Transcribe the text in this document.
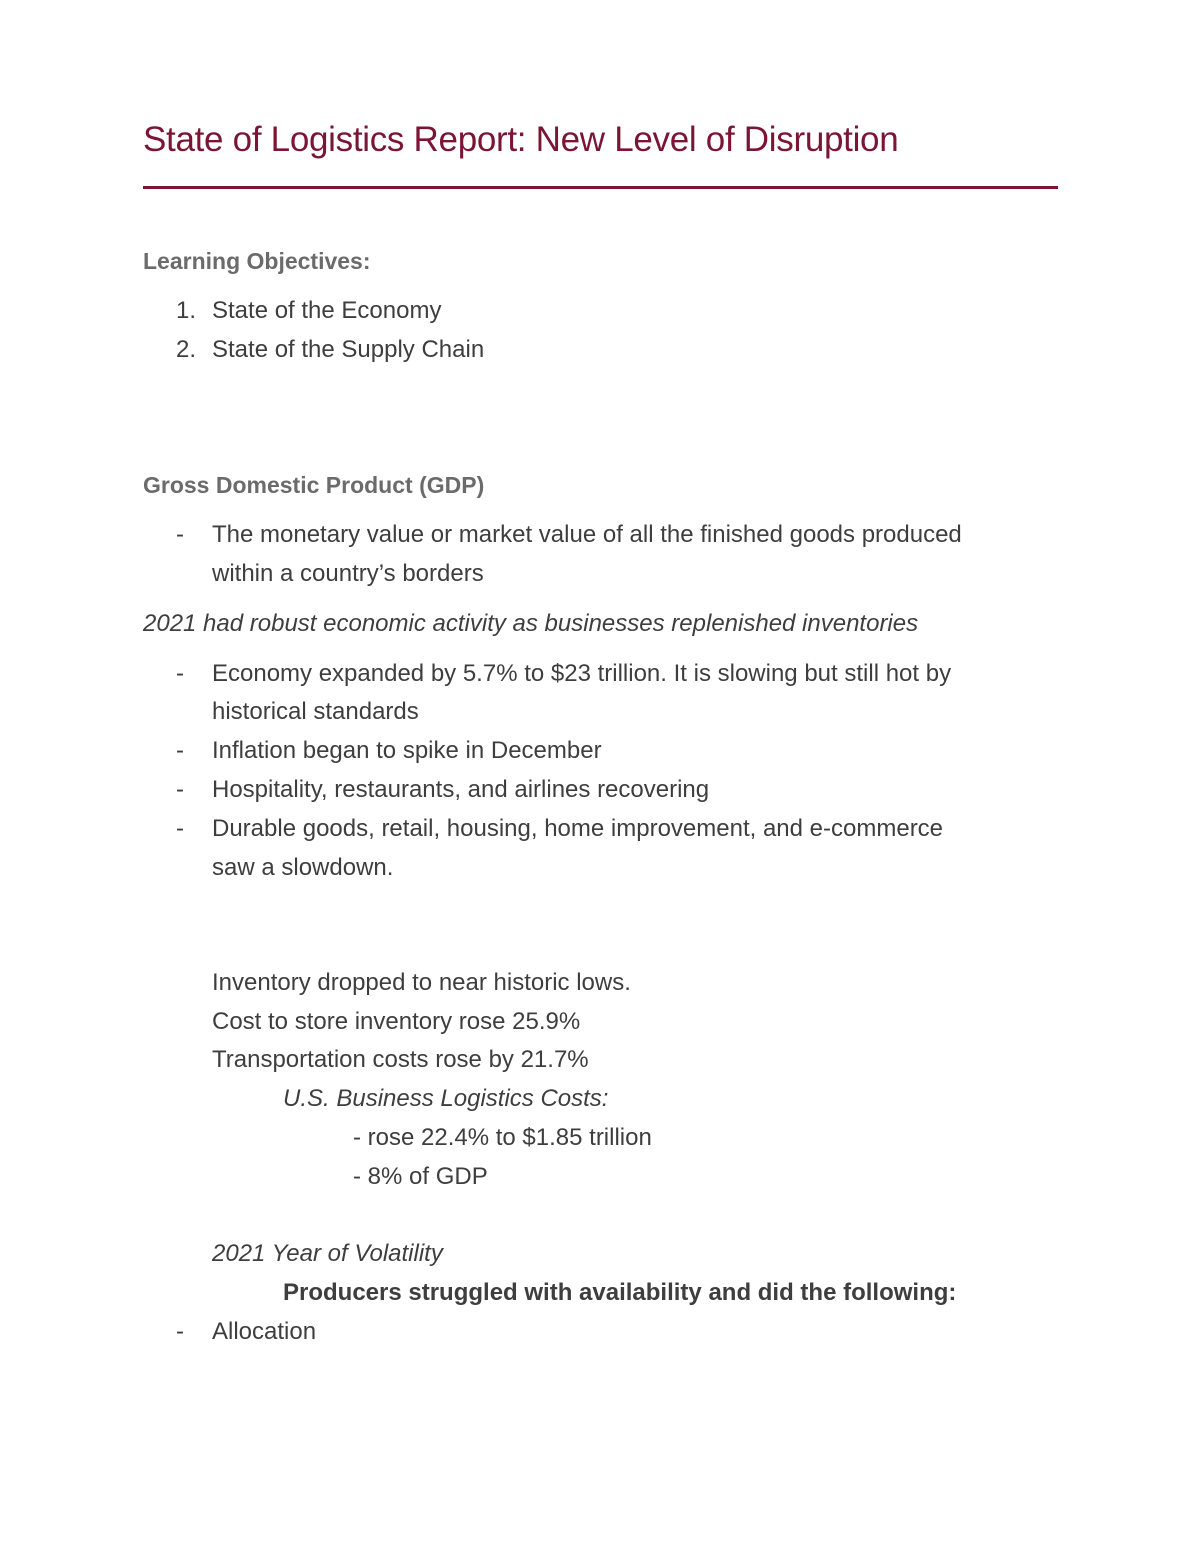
State of Logistics Report: New Level of Disruption
Learning Objectives:
1. State of the Economy
2. State of the Supply Chain
Gross Domestic Product (GDP)
- The monetary value or market value of all the finished goods produced
within a country’s borders
2021 had robust economic activity as businesses replenished inventories
- Economy expanded by 5.7% to $23 trillion. It is slowing but still hot by
historical standards
- Inflation began to spike in December
- Hospitality, restaurants, and airlines recovering
- Durable goods, retail, housing, home improvement, and e-commerce
saw a slowdown.
Inventory dropped to near historic lows.
Cost to store inventory rose 25.9%
Transportation costs rose by 21.7%
U.S. Business Logistics Costs:
- rose 22.4% to $1.85 trillion
- 8% of GDP
2021 Year of Volatility
Producers struggled with availability and did the following:
- Allocation
